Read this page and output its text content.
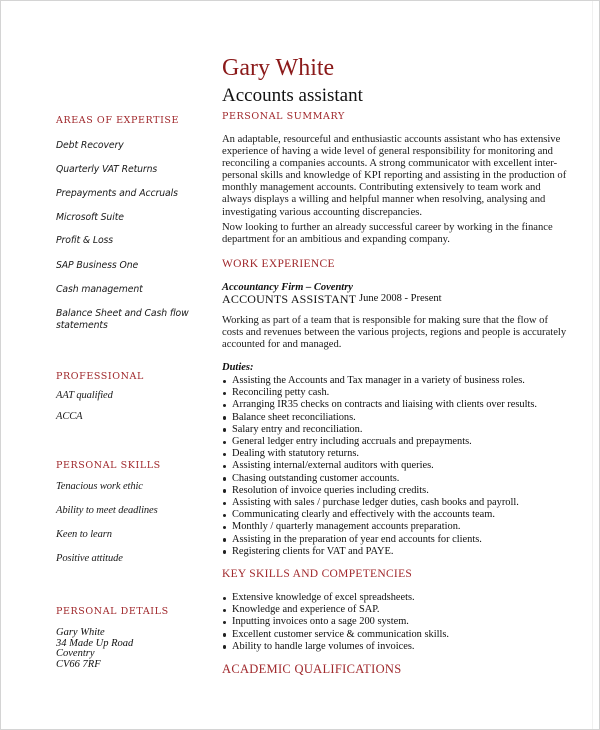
Gary White
Accounts assistant
AREAS OF EXPERTISE
Debt Recovery
Quarterly VAT Returns
Prepayments and Accruals
Microsoft Suite
Profit & Loss
SAP Business One
Cash management
Balance Sheet and Cash flow
statements
PROFESSIONAL
AAT qualified
ACCA
PERSONAL SKILLS
Tenacious work ethic
Ability to meet deadlines
Keen to learn
Positive attitude
PERSONAL DETAILS
Gary White
34 Made Up Road
Coventry
CV66 7RF
PERSONAL SUMMARY
An adaptable, resourceful and enthusiastic accounts assistant who has extensive
experience of having a wide level of general responsibility for monitoring and
reconciling a companies accounts. A strong communicator with excellent inter-
personal skills and knowledge of KPI reporting and assisting in the production of
monthly management accounts. Contributing extensively to team work and
always displays a willing and helpful manner when resolving, analysing and
investigating various accounting discrepancies.
Now looking to further an already successful career by working in the finance
department for an ambitious and expanding company.
WORK EXPERIENCE
Accountancy Firm – Coventry
ACCOUNTS ASSISTANT June 2008 - Present
Working as part of a team that is responsible for making sure that the flow of
costs and revenues between the various projects, regions and people is accurately
accounted for and managed.
Duties:
Assisting the Accounts and Tax manager in a variety of business roles.
Reconciling petty cash.
Arranging IR35 checks on contracts and liaising with clients over results.
Balance sheet reconciliations.
Salary entry and reconciliation.
General ledger entry including accruals and prepayments.
Dealing with statutory returns.
Assisting internal/external auditors with queries.
Chasing outstanding customer accounts.
Resolution of invoice queries including credits.
Assisting with sales / purchase ledger duties, cash books and payroll.
Communicating clearly and effectively with the accounts team.
Monthly / quarterly management accounts preparation.
Assisting in the preparation of year end accounts for clients.
Registering clients for VAT and PAYE.
KEY SKILLS AND COMPETENCIES
Extensive knowledge of excel spreadsheets.
Knowledge and experience of SAP.
Inputting invoices onto a sage 200 system.
Excellent customer service & communication skills.
Ability to handle large volumes of invoices.
ACADEMIC QUALIFICATIONS
